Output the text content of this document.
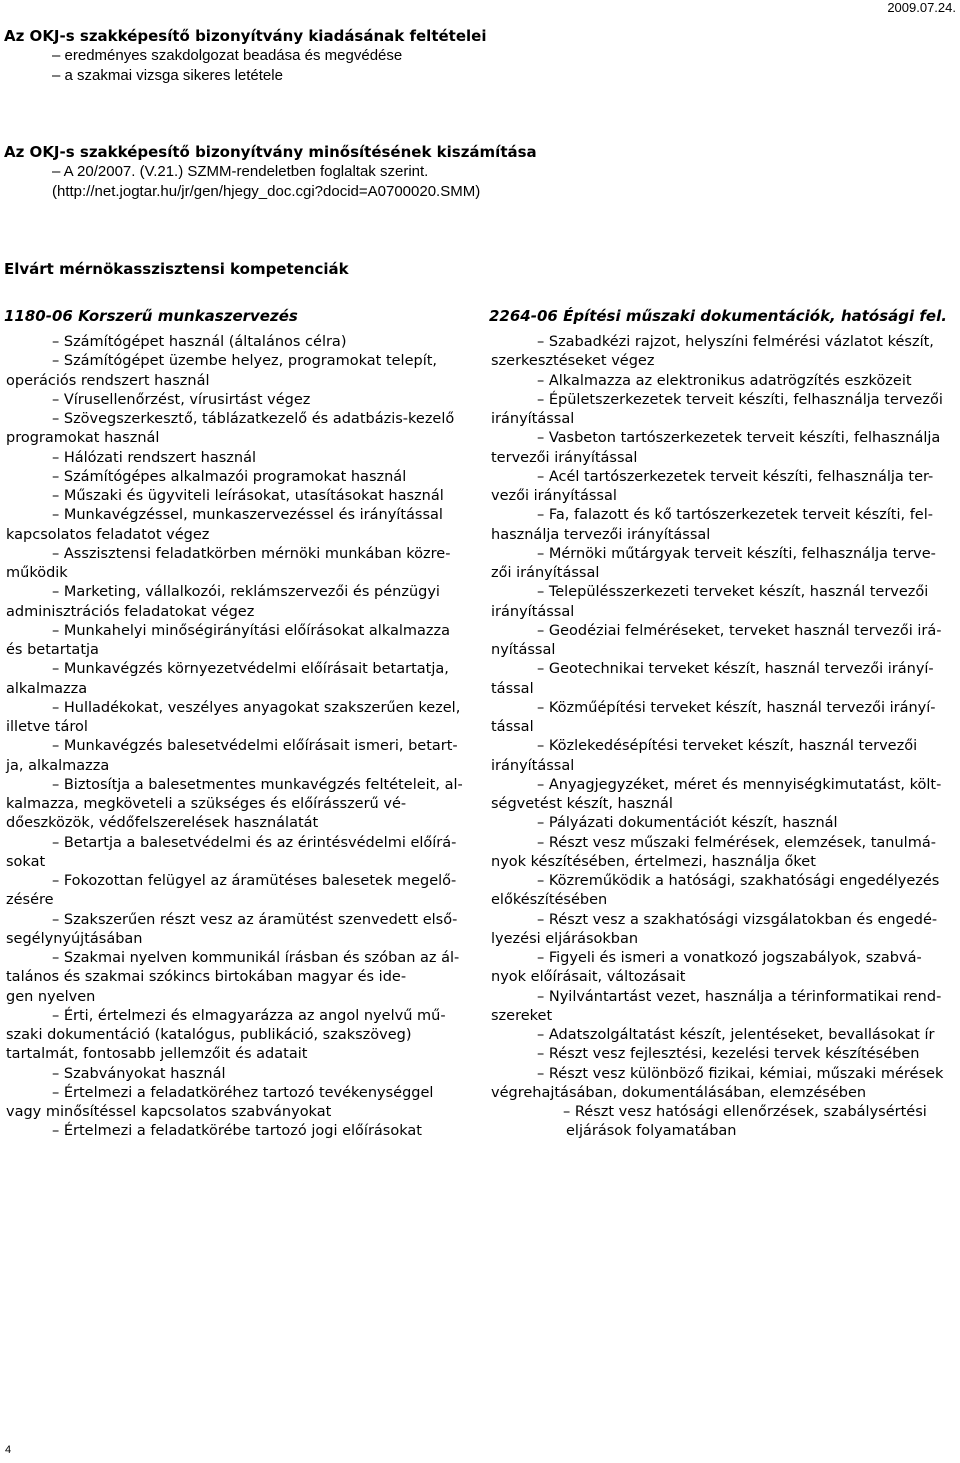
2009.07.24.
Az OKJ-s szakképesítő bizonyítvány kiadásának feltételei
– eredményes szakdolgozat beadása és megvédése
– a szakmai vizsga sikeres letétele
Az OKJ-s szakképesítő bizonyítvány minősítésének kiszámítása
– A 20/2007. (V.21.) SZMM-rendeletben foglaltak szerint.
(http://net.jogtar.hu/jr/gen/hjegy_doc.cgi?docid=A0700020.SMM)
Elvárt mérnökasszisztensi kompetenciák
1180-06 Korszerű munkaszervezés	2264-06 Építési műszaki dokumentációk, hatósági fel.
– Számítógépet használ (általános célra)
– Számítógépet üzembe helyez, programokat telepít,
operációs rendszert használ
– Vírusellenőrzést, vírusirtást végez
– Szövegszerkesztő, táblázatkezelő és adatbázis-kezelő
programokat használ
– Hálózati rendszert használ
– Számítógépes alkalmazói programokat használ
– Műszaki és ügyviteli leírásokat, utasításokat használ
– Munkavégzéssel, munkaszervezéssel és irányítással
kapcsolatos feladatot végez
– Asszisztensi feladatkörben mérnöki munkában közre-
működik
– Marketing, vállalkozói, reklámszervezői és pénzügyi
adminisztrációs feladatokat végez
– Munkahelyi minőségirányítási előírásokat alkalmazza
és betartatja
– Munkavégzés környezetvédelmi előírásait betartatja,
alkalmazza
– Hulladékokat, veszélyes anyagokat szakszerűen kezel,
illetve tárol
– Munkavégzés balesetvédelmi előírásait ismeri, betart-
ja, alkalmazza
– Biztosítja a balesetmentes munkavégzés feltételeit, al-
kalmazza, megköveteli a szükséges és előírásszerű vé-
dőeszközök, védőfelszerelések használatát
– Betartja a balesetvédelmi és az érintésvédelmi előírá-
sokat
– Fokozottan felügyel az áramütéses balesetek megelő-
zésére
– Szakszerűen részt vesz az áramütést szenvedett első-
segélynyújtásában
– Szakmai nyelven kommunikál írásban és szóban az ál-
talános és szakmai szókincs birtokában magyar és ide-
gen nyelven
– Érti, értelmezi és elmagyarázza az angol nyelvű mű-
szaki dokumentáció (katalógus, publikáció, szakszöveg)
tartalmát, fontosabb jellemzőit és adatait
– Szabványokat használ
– Értelmezi a feladatköréhez tartozó tevékenységgel
vagy minősítéssel kapcsolatos szabványokat
– Értelmezi a feladatkörébe tartozó jogi előírásokat
– Szabadkézi rajzot, helyszíni felmérési vázlatot készít,
szerkesztéseket végez
– Alkalmazza az elektronikus adatrögzítés eszközeit
– Épületszerkezetek terveit készíti, felhasználja tervezői
irányítással
– Vasbeton tartószerkezetek terveit készíti, felhasználja
tervezői irányítással
– Acél tartószerkezetek terveit készíti, felhasználja ter-
vezői irányítással
– Fa, falazott és kő tartószerkezetek terveit készíti, fel-
használja tervezői irányítással
– Mérnöki műtárgyak terveit készíti, felhasználja terve-
zői irányítással
– Településszerkezeti terveket készít, használ tervezői
irányítással
– Geodéziai felméréseket, terveket használ tervezői irá-
nyítással
– Geotechnikai terveket készít, használ tervezői irányí-
tással
– Közműépítési terveket készít, használ tervezői irányí-
tással
– Közlekedésépítési terveket készít, használ tervezői
irányítással
– Anyagjegyzéket, méret és mennyiségkimutatást, költ-
ségvetést készít, használ
– Pályázati dokumentációt készít, használ
– Részt vesz műszaki felmérések, elemzések, tanulmá-
nyok készítésében, értelmezi, használja őket
– Közreműködik a hatósági, szakhatósági engedélyezés
előkészítésében
– Részt vesz a szakhatósági vizsgálatokban és engedé-
lyezési eljárásokban
– Figyeli és ismeri a vonatkozó jogszabályok, szabvá-
nyok előírásait, változásait
– Nyilvántartást vezet, használja a térinformatikai rend-
szereket
– Adatszolgáltatást készít, jelentéseket, bevallásokat ír
– Részt vesz fejlesztési, kezelési tervek készítésében
– Részt vesz különböző fizikai, kémiai, műszaki mérések
végrehajtásában, dokumentálásában, elemzésében
– Részt vesz hatósági ellenőrzések, szabálysértési
eljárások folyamatában
4
